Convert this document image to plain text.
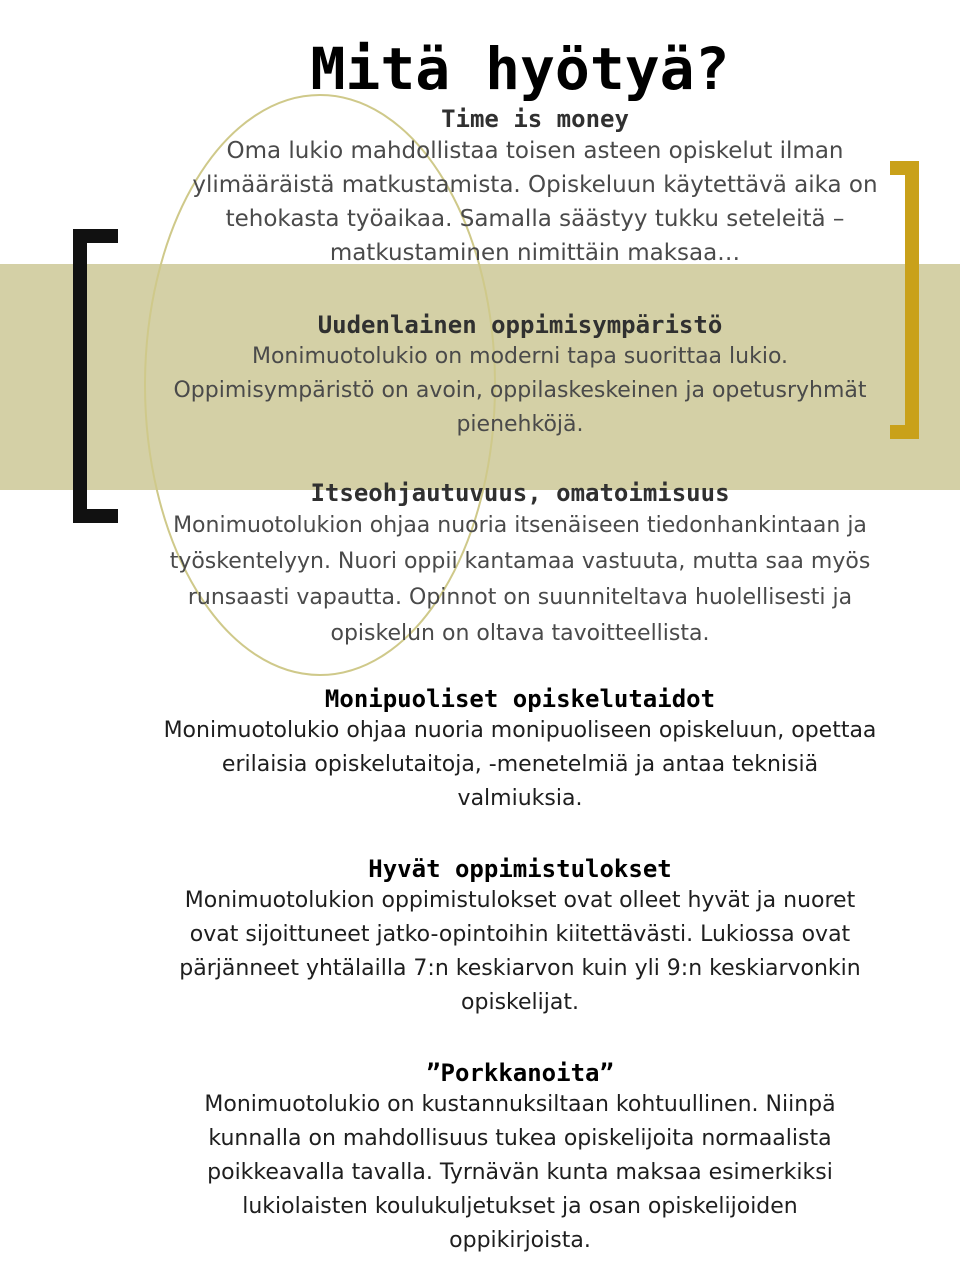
Mitä hyötyä?
Time is money

Oma lukio mahdollistaa toisen asteen opiskelut ilman

ylimääräistä matkustamista. Opiskeluun käytettävä aika on

tehokasta työaikaa. Samalla säästyy tukku seteleitä –

matkustaminen nimittäin maksaa…

Uudenlainen oppimisympäristö

Monimuotolukio on moderni tapa suorittaa lukio.

Oppimisympäristö on avoin, oppilaskeskeinen ja opetusryhmät

pienehköjä.

Itseohjautuvuus, omatoimisuus

Monimuotolukion ohjaa nuoria itsenäiseen tiedonhankintaan ja

työskentelyyn. Nuori oppii kantamaa vastuuta, mutta saa myös

runsaasti vapautta. Opinnot on suunniteltava huolellisesti ja

opiskelun on oltava tavoitteellista.

Monipuoliset opiskelutaidot

Monimuotolukio ohjaa nuoria monipuoliseen opiskeluun, opettaa

erilaisia opiskelutaitoja, -menetelmiä ja antaa teknisiä

valmiuksia.

Hyvät oppimistulokset

Monimuotolukion oppimistulokset ovat olleet hyvät ja nuoret

ovat sijoittuneet jatko-opintoihin kiitettävästi. Lukiossa ovat

pärjänneet yhtälailla 7:n keskiarvon kuin yli 9:n keskiarvonkin

opiskelijat.

”Porkkanoita”

Monimuotolukio on kustannuksiltaan kohtuullinen. Niinpä

kunnalla on mahdollisuus tukea opiskelijoita normaalista

poikkeavalla tavalla. Tyrnävän kunta maksaa esimerkiksi

lukiolaisten koulukuljetukset ja osan opiskelijoiden

oppikirjoista.
